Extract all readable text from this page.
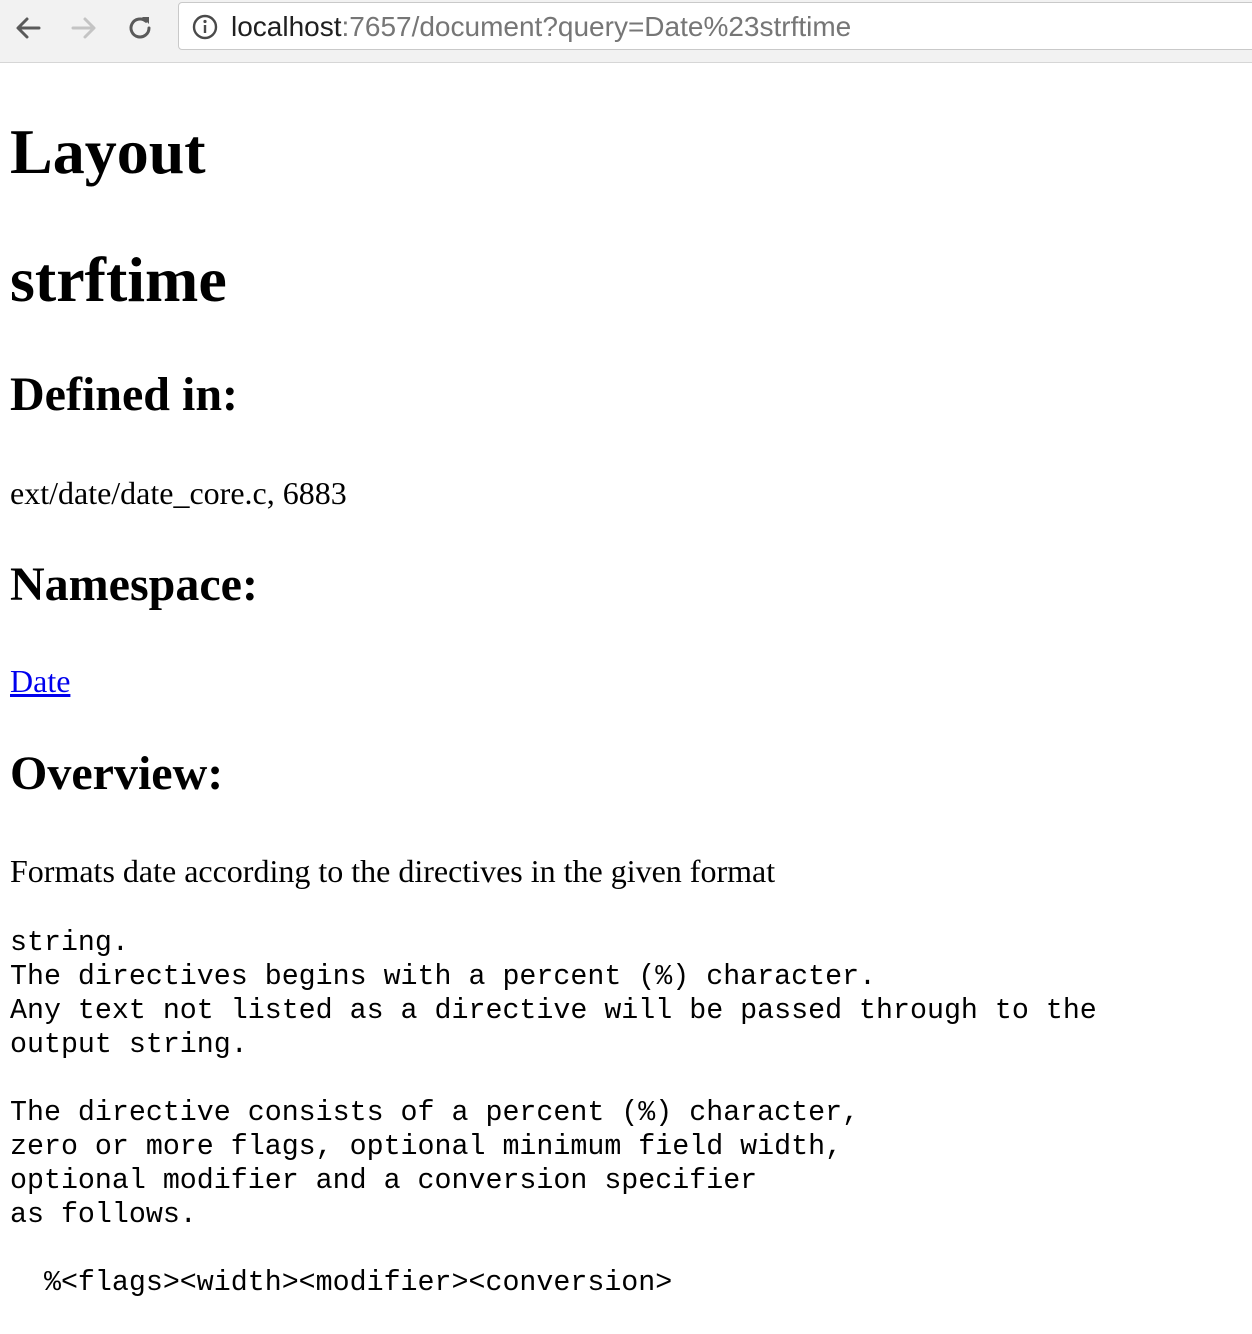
localhost:7657/document?query=Date%23strftime
Layout
strftime
Defined in:
ext/date/date_core.c, 6883
Namespace:
Date
Overview:
Formats date according to the directives in the given format
string.
The directives begins with a percent (%) character.
Any text not listed as a directive will be passed through to the
output string.

The directive consists of a percent (%) character,
zero or more flags, optional minimum field width,
optional modifier and a conversion specifier
as follows.

%<flags><width><modifier><conversion>
